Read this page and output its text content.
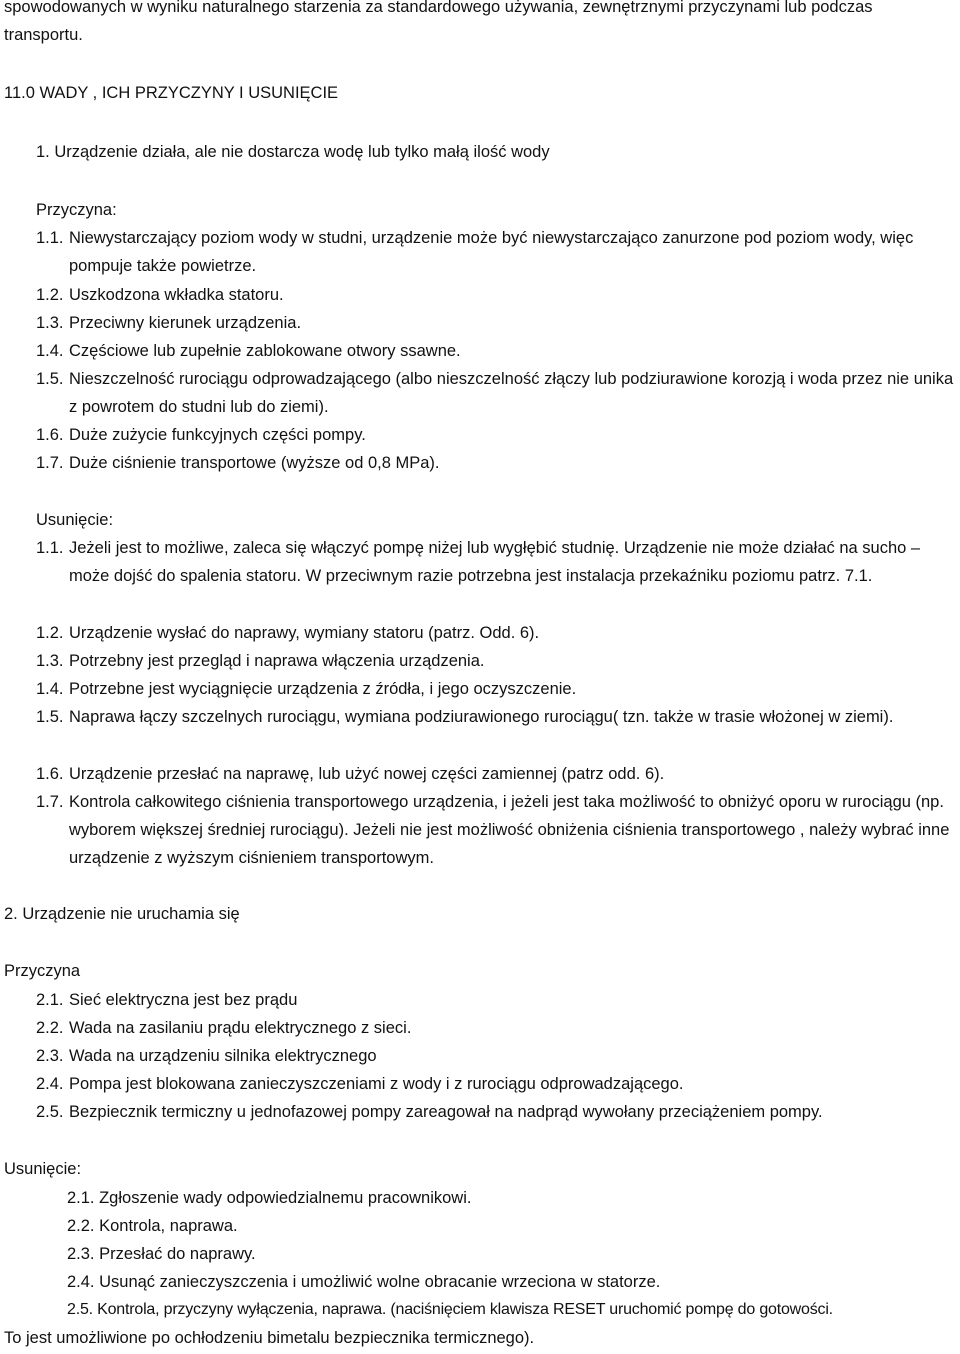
spowodowanych w wyniku naturalnego starzenia za standardowego używania, zewnętrznymi przyczynami lub podczas transportu.

11.0 WADY , ICH PRZYCZYNY I USUNIĘCIE

1. Urządzenie działa, ale nie dostarcza wodę lub tylko małą ilość wody

Przyczyna:

1.1. Niewystarczający poziom wody w studni, urządzenie może być niewystarczająco zanurzone pod poziom wody, więc pompuje także powietrze.
1.2. Uszkodzona wkładka statoru.
1.3. Przeciwny kierunek urządzenia.
1.4. Częściowe lub zupełnie zablokowane otwory ssawne.
1.5. Nieszczelność rurociągu odprowadzającego (albo nieszczelność złączy lub podziurawione korozją i woda przez nie unika z powrotem do studni lub do ziemi).
1.6. Duże zużycie funkcyjnych części pompy.
1.7. Duże ciśnienie transportowe (wyższe od 0,8 MPa).

Usunięcie:

1.1. Jeżeli jest to możliwe, zaleca się włączyć pompę niżej lub wygłębić studnię. Urządzenie nie może działać na sucho – może dojść do spalenia statoru. W przeciwnym razie potrzebna jest instalacja przekaźniku poziomu patrz. 7.1.
1.2. Urządzenie wysłać do naprawy, wymiany statoru (patrz. Odd. 6).
1.3. Potrzebny jest przegląd i naprawa włączenia urządzenia.
1.4. Potrzebne jest wyciągnięcie urządzenia z źródła, i jego oczyszczenie.
1.5. Naprawa łączy szczelnych rurociągu, wymiana podziurawionego rurociągu( tzn. także w trasie włożonej w ziemi).
1.6. Urządzenie przesłać na naprawę, lub użyć nowej części zamiennej (patrz odd. 6).
1.7. Kontrola całkowitego ciśnienia transportowego urządzenia, i jeżeli jest taka możliwość to obniżyć oporu w rurociągu (np. wyborem większej średniej rurociągu). Jeżeli nie jest możliwość obniżenia ciśnienia transportowego , należy wybrać inne urządzenie z wyższym ciśnieniem transportowym.

2. Urządzenie nie uruchamia się

Przyczyna

2.1. Sieć elektryczna jest bez prądu
2.2. Wada na zasilaniu prądu elektrycznego z sieci.
2.3. Wada na urządzeniu silnika elektrycznego
2.4. Pompa jest blokowana zanieczyszczeniami z wody i z rurociągu odprowadzającego.
2.5. Bezpiecznik termiczny u jednofazowej pompy zareagował na nadprąd wywołany przeciążeniem pompy.

Usunięcie:

2.1. Zgłoszenie wady odpowiedzialnemu pracownikowi.

2.2. Kontrola, naprawa.

2.3. Przesłać do naprawy.

2.4. Usunąć zanieczyszczenia i umożliwić wolne obracanie wrzeciona w statorze.

2.5. Kontrola, przyczyny wyłączenia, naprawa. (naciśnięciem klawisza RESET uruchomić pompę do gotowości.

To jest umożliwione po ochłodzeniu bimetalu bezpiecznika termicznego).
